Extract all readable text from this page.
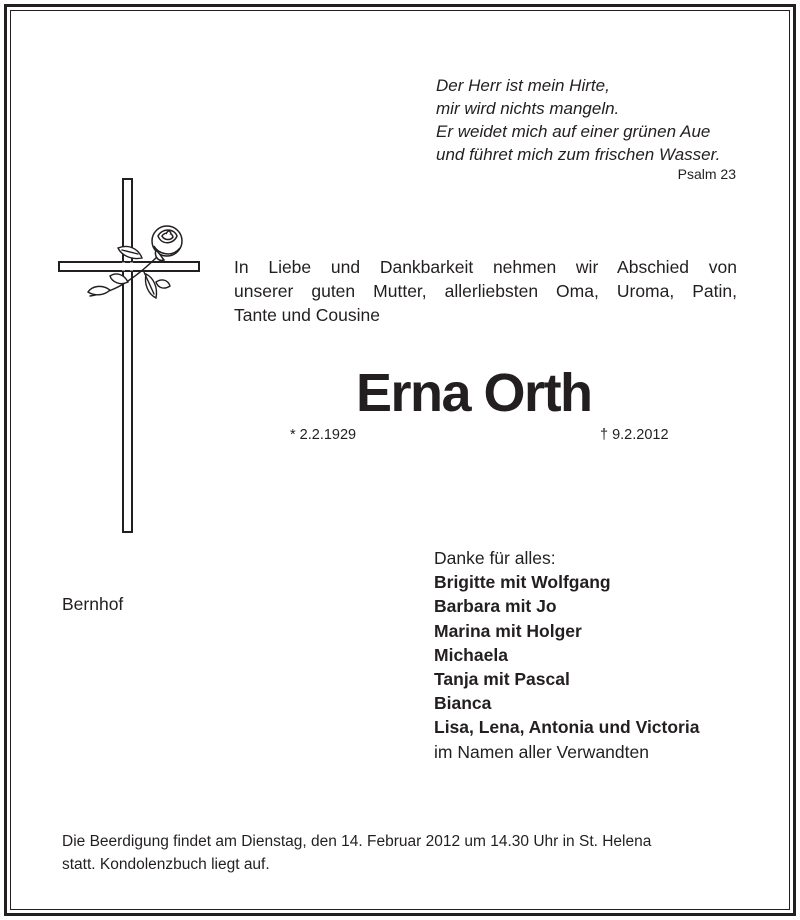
Der Herr ist mein Hirte,
mir wird nichts mangeln.
Er weidet mich auf einer grünen Aue
und führet mich zum frischen Wasser.
Psalm 23
In Liebe und Dankbarkeit nehmen wir Abschied von
unserer guten Mutter, allerliebsten Oma, Uroma, Patin,
Tante und Cousine
Erna Orth
* 2.2.1929	† 9.2.2012
Bernhof
Danke für alles:
Brigitte mit Wolfgang
Barbara mit Jo
Marina mit Holger
Michaela
Tanja mit Pascal
Bianca
Lisa, Lena, Antonia und Victoria
im Namen aller Verwandten
Die Beerdigung findet am Dienstag, den 14. Februar 2012 um 14.30 Uhr in St. Helena
statt. Kondolenzbuch liegt auf.
